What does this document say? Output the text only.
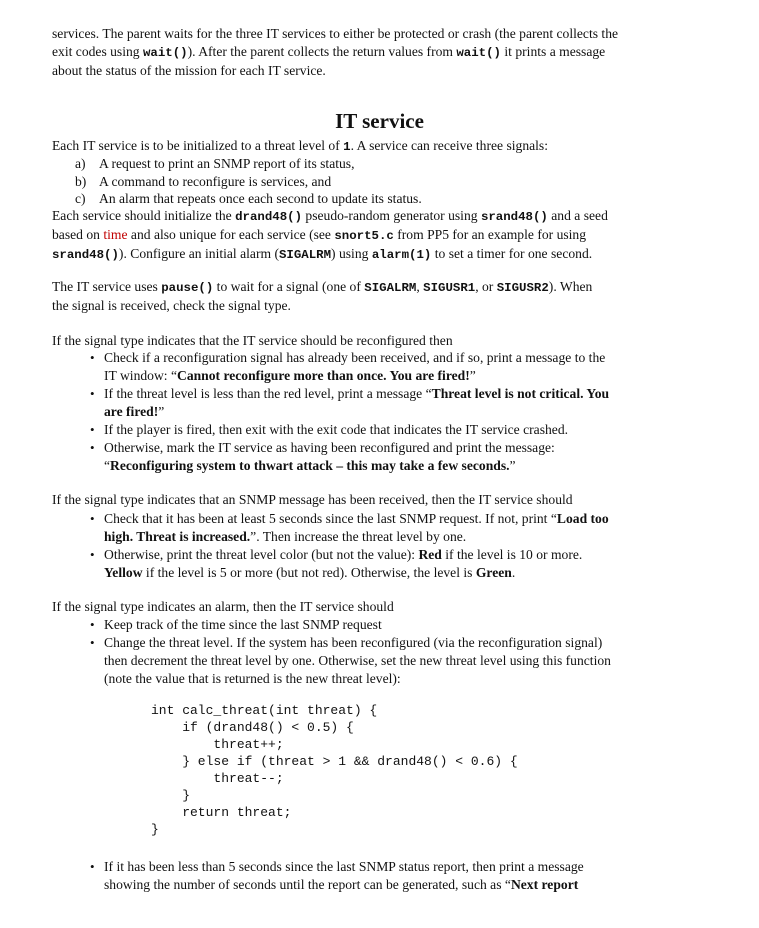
services. The parent waits for the three IT services to either be protected or crash (the parent collects the
exit codes using wait()). After the parent collects the return values from wait() it prints a message
about the status of the mission for each IT service.

IT service

Each IT service is to be initialized to a threat level of 1. A service can receive three signals:

a) A request to print an SNMP report of its status,
b) A command to reconfigure is services, and
c) An alarm that repeats once each second to update its status.

Each service should initialize the drand48() pseudo-random generator using srand48() and a seed
based on time and also unique for each service (see snort5.c from PP5 for an example for using
srand48()). Configure an initial alarm (SIGALRM) using alarm(1) to set a timer for one second.

The IT service uses pause() to wait for a signal (one of SIGALRM, SIGUSR1, or SIGUSR2). When
the signal is received, check the signal type.

If the signal type indicates that the IT service should be reconfigured then

• Check if a reconfiguration signal has already been received, and if so, print a message to the
IT window: “Cannot reconfigure more than once. You are fired!”
• If the threat level is less than the red level, print a message “Threat level is not critical. You
are fired!”
• If the player is fired, then exit with the exit code that indicates the IT service crashed.
• Otherwise, mark the IT service as having been reconfigured and print the message:
“Reconfiguring system to thwart attack – this may take a few seconds.”

If the signal type indicates that an SNMP message has been received, then the IT service should

• Check that it has been at least 5 seconds since the last SNMP request. If not, print “Load too
high. Threat is increased.”. Then increase the threat level by one.
• Otherwise, print the threat level color (but not the value): Red if the level is 10 or more.
Yellow if the level is 5 or more (but not red). Otherwise, the level is Green.

If the signal type indicates an alarm, then the IT service should

• Keep track of the time since the last SNMP request
• Change the threat level. If the system has been reconfigured (via the reconfiguration signal)
then decrement the threat level by one. Otherwise, set the new threat level using this function
(note the value that is returned is the new threat level):
int calc_threat(int threat) {
if (drand48() < 0.5) {
threat++;
} else if (threat > 1 && drand48() < 0.6) {
threat--;
}
return threat;
}
• If it has been less than 5 seconds since the last SNMP status report, then print a message
showing the number of seconds until the report can be generated, such as “Next report
